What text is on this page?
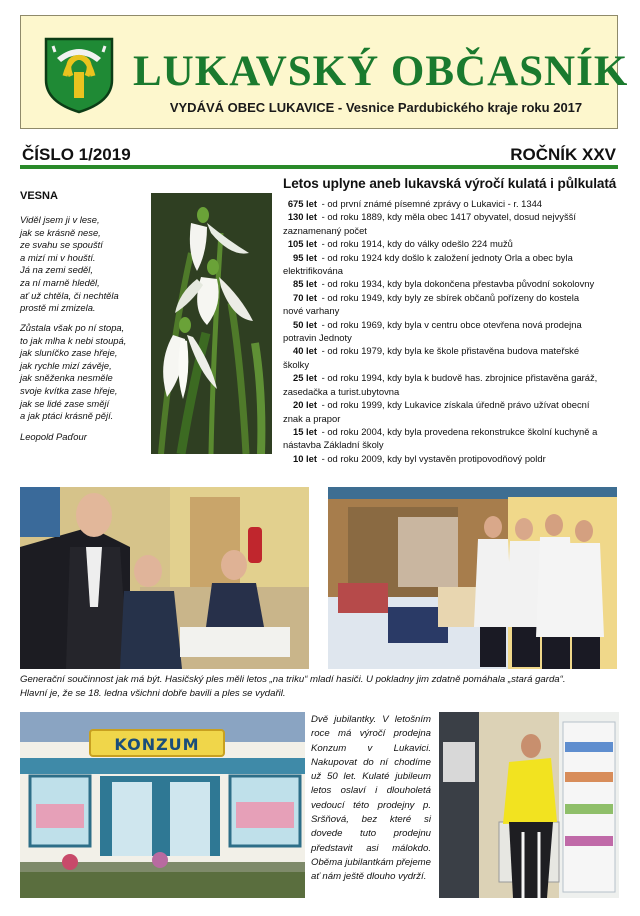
LUKAVSKÝ OBČASNÍK
VYDÁVÁ OBEC LUKAVICE - Vesnice Pardubického kraje roku 2017
ČÍSLO 1/2019	ROČNÍK XXV
VESNA
Viděl jsem ji v lese,
jak se krásně nese,
ze svahu se spouští
a mizí mi v houští.
Já na zemi seděl,
za ní marně hleděl,
ať už chtěla, či nechtěla
prostě mi zmizela.
Zůstala však po ní stopa,
to jak mlha k nebi stoupá,
jak sluníčko zase hřeje,
jak rychle mizí závěje,
jak sněženka nesměle
svoje kvítka zase hřeje,
jak se lidé zase smějí
a jak ptáci krásně pějí.
Leopold Paďour
Letos uplyne aneb lukavská výročí kulatá i půlkulatá
675 let - od první známé písemné zprávy o Lukavici - r. 1344
130 let - od roku 1889, kdy měla obec 1417 obyvatel, dosud nejvyšší
zaznamenaný počet
105 let - od roku 1914, kdy do války odešlo 224 mužů
95 let - od roku 1924 kdy došlo k založení jednoty Orla a obec byla
elektrifikována
85 let - od roku 1934, kdy byla dokončena přestavba původní sokolovny
70 let - od roku 1949, kdy byly ze sbírek občanů pořízeny do kostela
nové varhany
50 let - od roku 1969, kdy byla v centru obce otevřena nová prodejna
potravin Jednoty
40 let - od roku 1979, kdy byla ke škole přistavěna budova mateřské
školky
25 let - od roku 1994, kdy byla k budově has. zbrojnice přistavěna garáž,
zasedačka a turist.ubytovna
20 let - od roku 1999, kdy Lukavice získala úředně právo užívat obecní
znak a prapor
15 let - od roku 2004, kdy byla provedena rekonstrukce školní kuchyně a
nástavba Základní školy
10 let - od roku 2009, kdy byl vystavěn protipovodňový poldr
Generační součinnost jak má být. Hasičský ples měli letos „na triku“ mladí hasiči. U pokladny jim zdatně pomáhala „stará garda“.
Hlavní je, že se 18. ledna všichni dobře bavili a ples se vydařil.
KONZUM
Dvě jubilantky. V letošním roce má výročí prodejna Konzum v Lukavici. Nakupovat do ní chodíme už 50 let. Kulaté jubileum letos oslaví i dlouholetá vedoucí této prodejny p. Sršňová, bez které si dovede tuto prodejnu představit asi málokdo. Oběma jubilantkám přejeme ať nám ještě dlouho vydrží.
